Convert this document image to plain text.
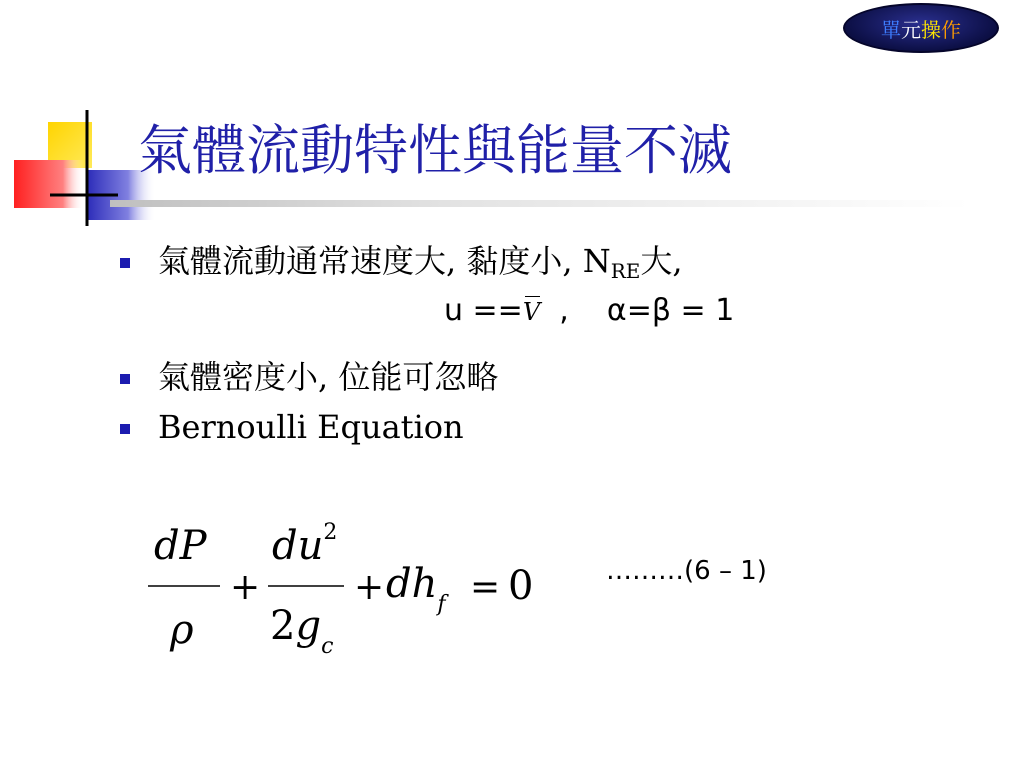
單 元 操 作
氣體流動特性與能量不滅
氣體流動通常速度大, 黏度小, $N_{RE}$大,
u ==V  ,    α=β = 1
氣體密度小, 位能可忽略
Bernoulli Equation
dP
ρ
+
$du^2$
$2g_c$
+ $dh_f = 0$	………(6 – 1)
